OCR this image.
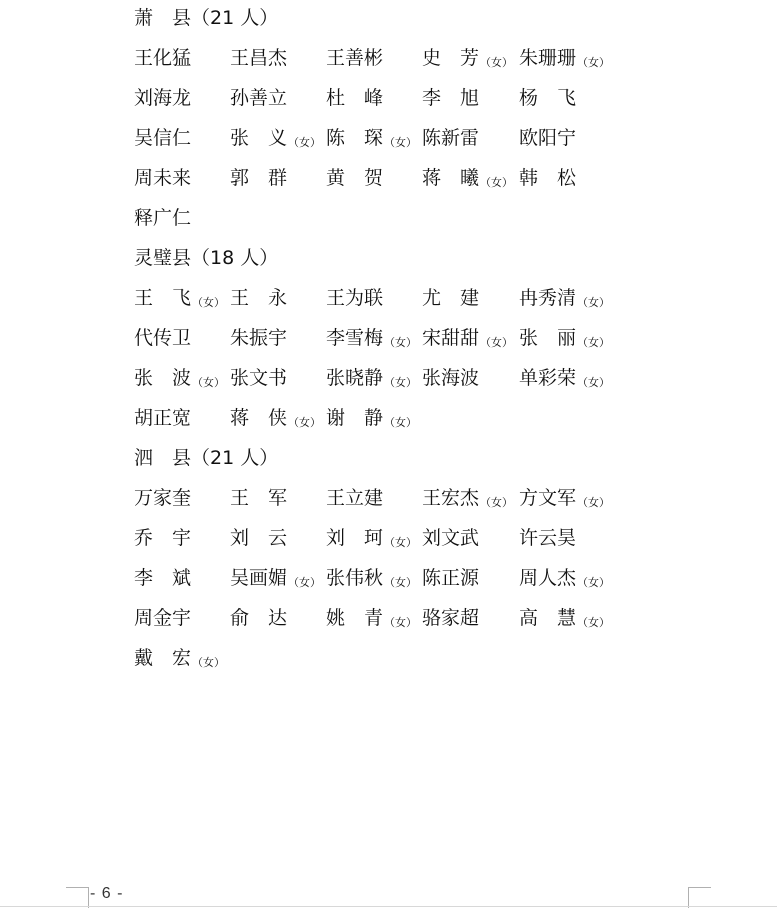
萧　县（21 人）
王化猛 王昌杰 王善彬 史　芳（女） 朱珊珊（女）
刘海龙 孙善立 杜　峰 李　旭 杨　飞
吴信仁 张　义（女） 陈　琛（女） 陈新雷 欧阳宁
周未来 郭　群 黄　贺 蒋　曦（女） 韩　松
释广仁
灵璧县（18 人）
王　飞（女） 王　永 王为联 尤　建 冉秀清（女）
代传卫 朱振宇 李雪梅（女） 宋甜甜（女） 张　丽（女）
张　波（女） 张文书 张晓静（女） 张海波 单彩荣（女）
胡正宽 蒋　侠（女） 谢　静（女）
泗　县（21 人）
万家奎 王　军 王立建 王宏杰（女） 方文军（女）
乔　宇 刘　云 刘　珂（女） 刘文武 许云昊
李　斌 吴画媚（女） 张伟秋（女） 陈正源 周人杰（女）
周金宇 俞　达 姚　青（女） 骆家超 高　慧（女）
戴　宏（女）
- 6 -
